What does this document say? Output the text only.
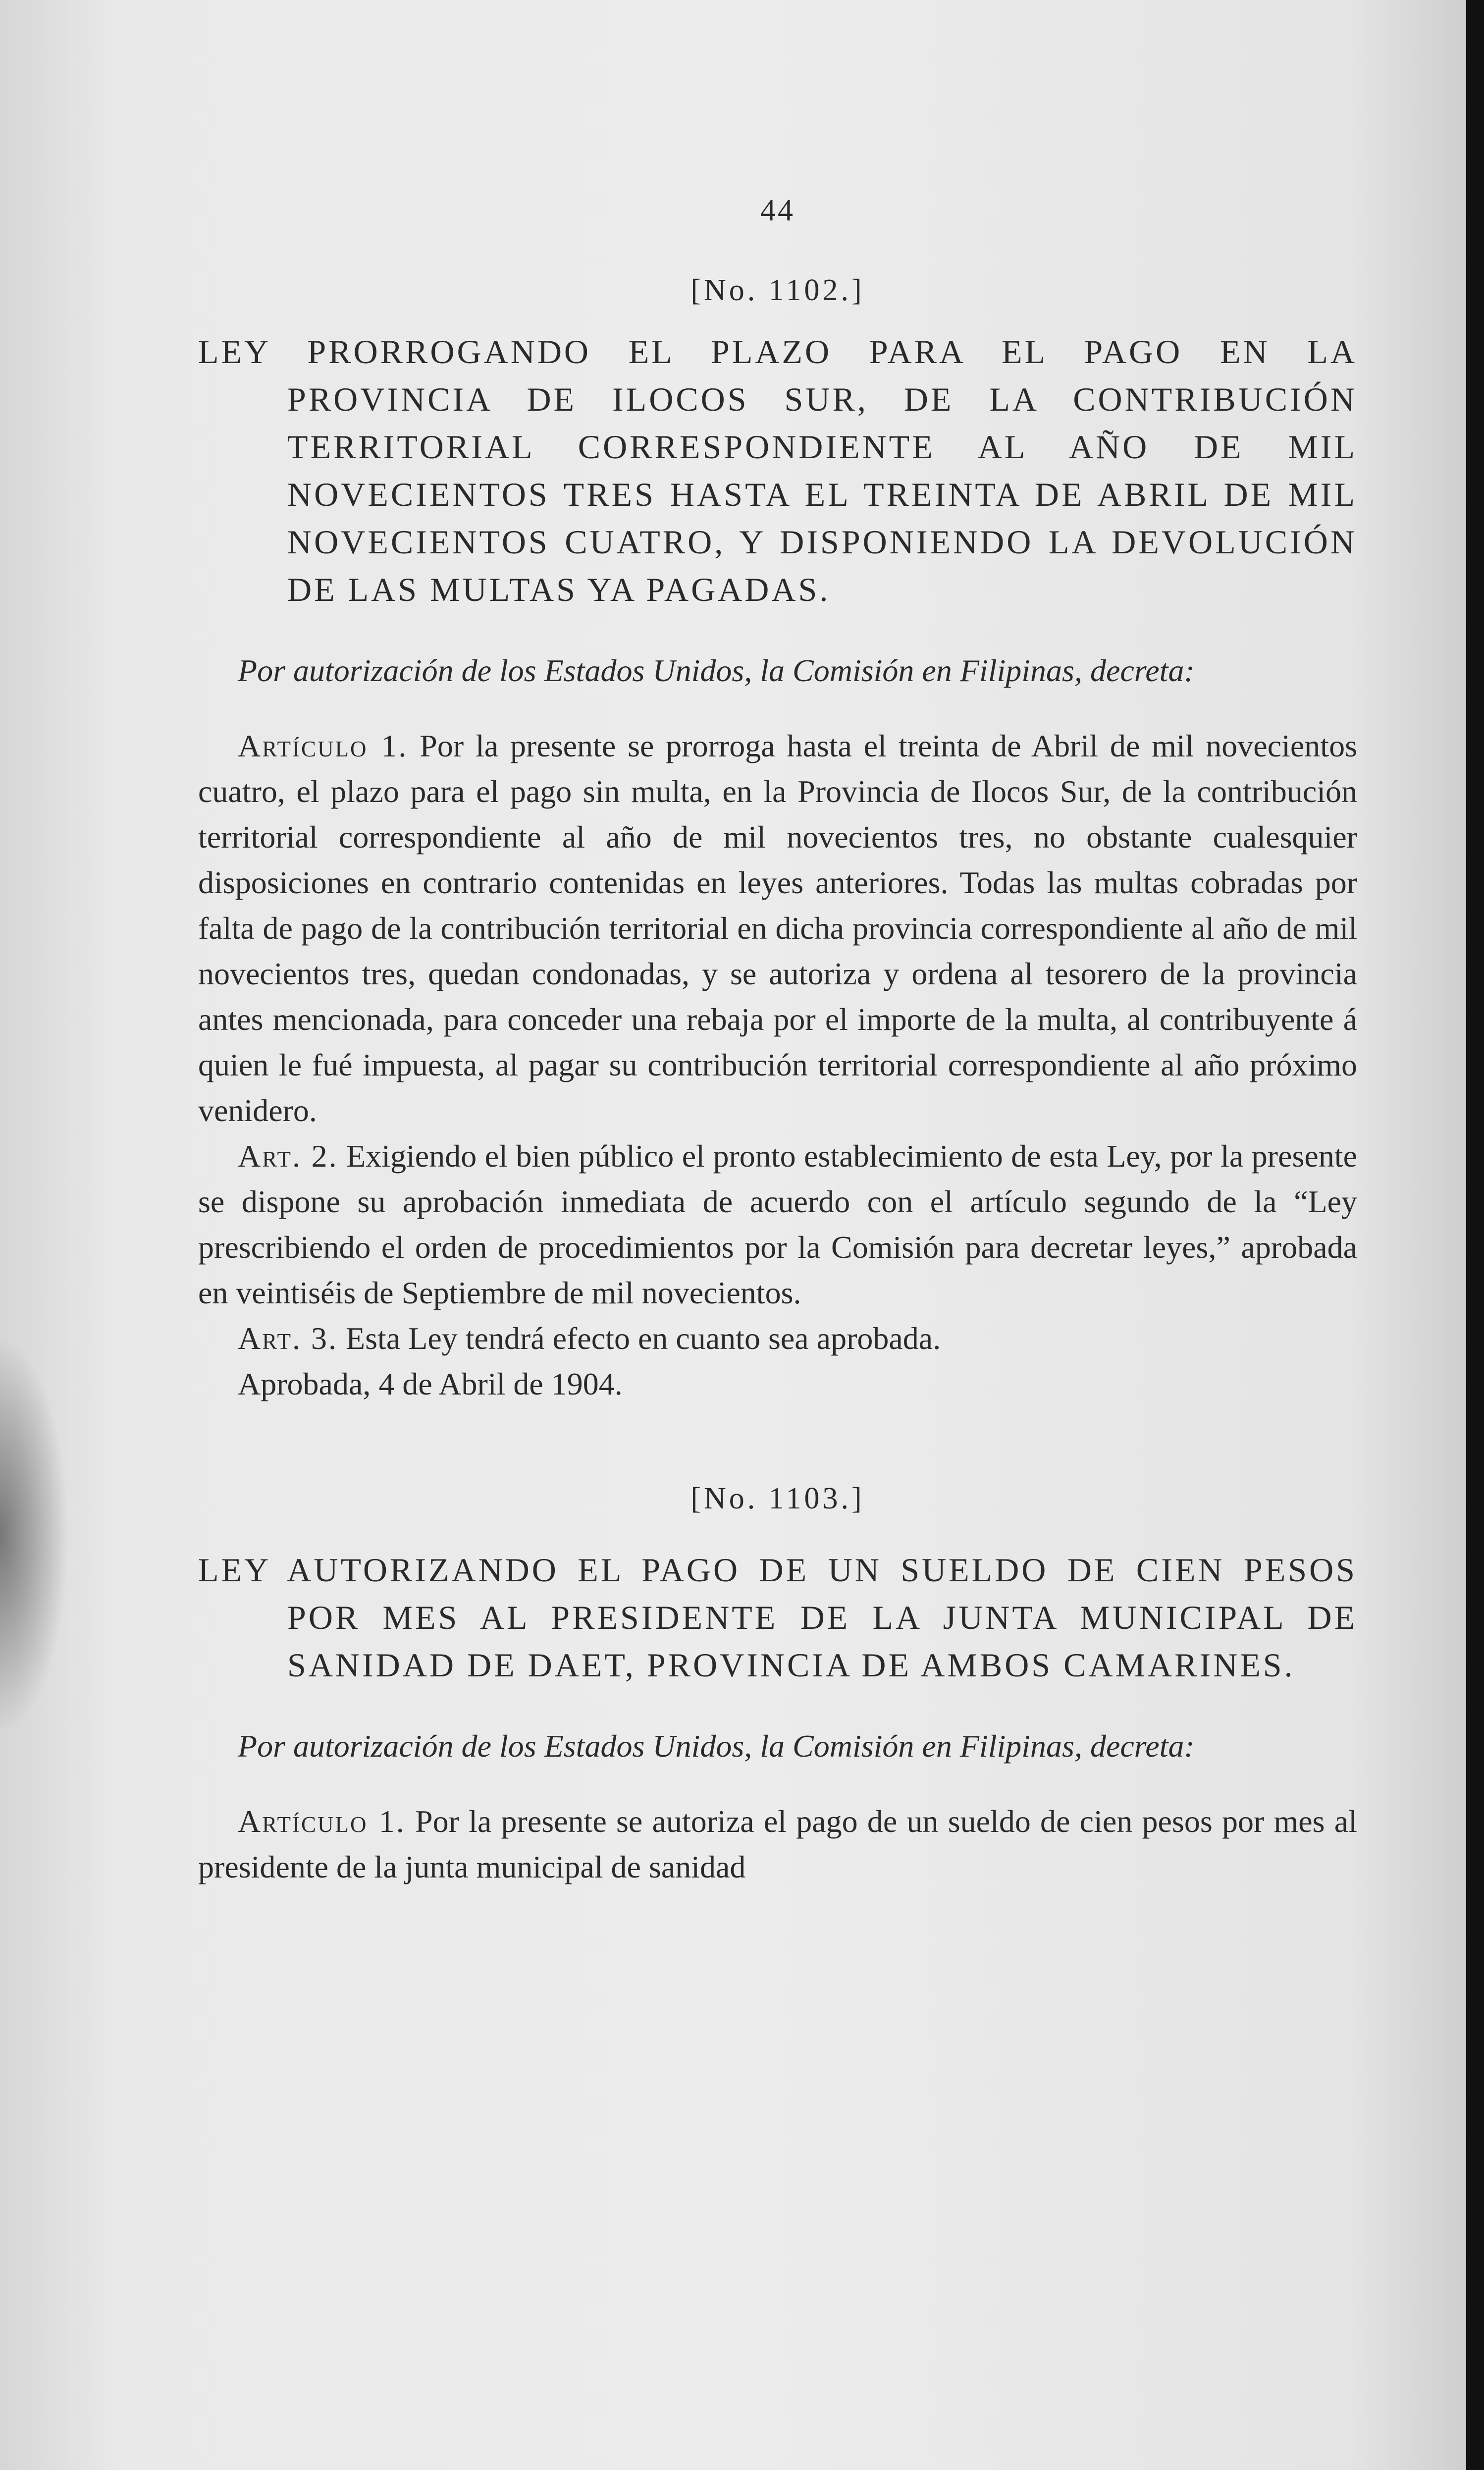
44
[No. 1102.]
LEY PRORROGANDO EL PLAZO PARA EL PAGO EN LA PROVINCIA DE ILOCOS SUR, DE LA CONTRIBUCIÓN TERRITORIAL CORRESPONDIENTE AL AÑO DE MIL NOVECIENTOS TRES HASTA EL TREINTA DE ABRIL DE MIL NOVECIENTOS CUATRO, Y DISPONIENDO LA DEVOLUCIÓN DE LAS MULTAS YA PAGADAS.
Por autorización de los Estados Unidos, la Comisión en Filipinas, decreta:

Artículo 1. Por la presente se prorroga hasta el treinta de Abril de mil novecientos cuatro, el plazo para el pago sin multa, en la Provincia de Ilocos Sur, de la contribución territorial correspondiente al año de mil novecientos tres, no obstante cualesquier disposiciones en contrario contenidas en leyes anteriores. Todas las multas cobradas por falta de pago de la contribución territorial en dicha provincia correspondiente al año de mil novecientos tres, quedan condonadas, y se autoriza y ordena al tesorero de la provincia antes mencionada, para conceder una rebaja por el importe de la multa, al contribuyente á quien le fué impuesta, al pagar su contribución territorial correspondiente al año próximo venidero.

Art. 2. Exigiendo el bien público el pronto establecimiento de esta Ley, por la presente se dispone su aprobación inmediata de acuerdo con el artículo segundo de la “Ley prescribiendo el orden de procedimientos por la Comisión para decretar leyes,” aprobada en veintiséis de Septiembre de mil novecientos.

Art. 3. Esta Ley tendrá efecto en cuanto sea aprobada.

Aprobada, 4 de Abril de 1904.

[No. 1103.]
LEY AUTORIZANDO EL PAGO DE UN SUELDO DE CIEN PESOS POR MES AL PRESIDENTE DE LA JUNTA MUNICIPAL DE SANIDAD DE DAET, PROVINCIA DE AMBOS CAMARINES.
Por autorización de los Estados Unidos, la Comisión en Filipinas, decreta:

Artículo 1. Por la presente se autoriza el pago de un sueldo de cien pesos por mes al presidente de la junta municipal de sanidad
